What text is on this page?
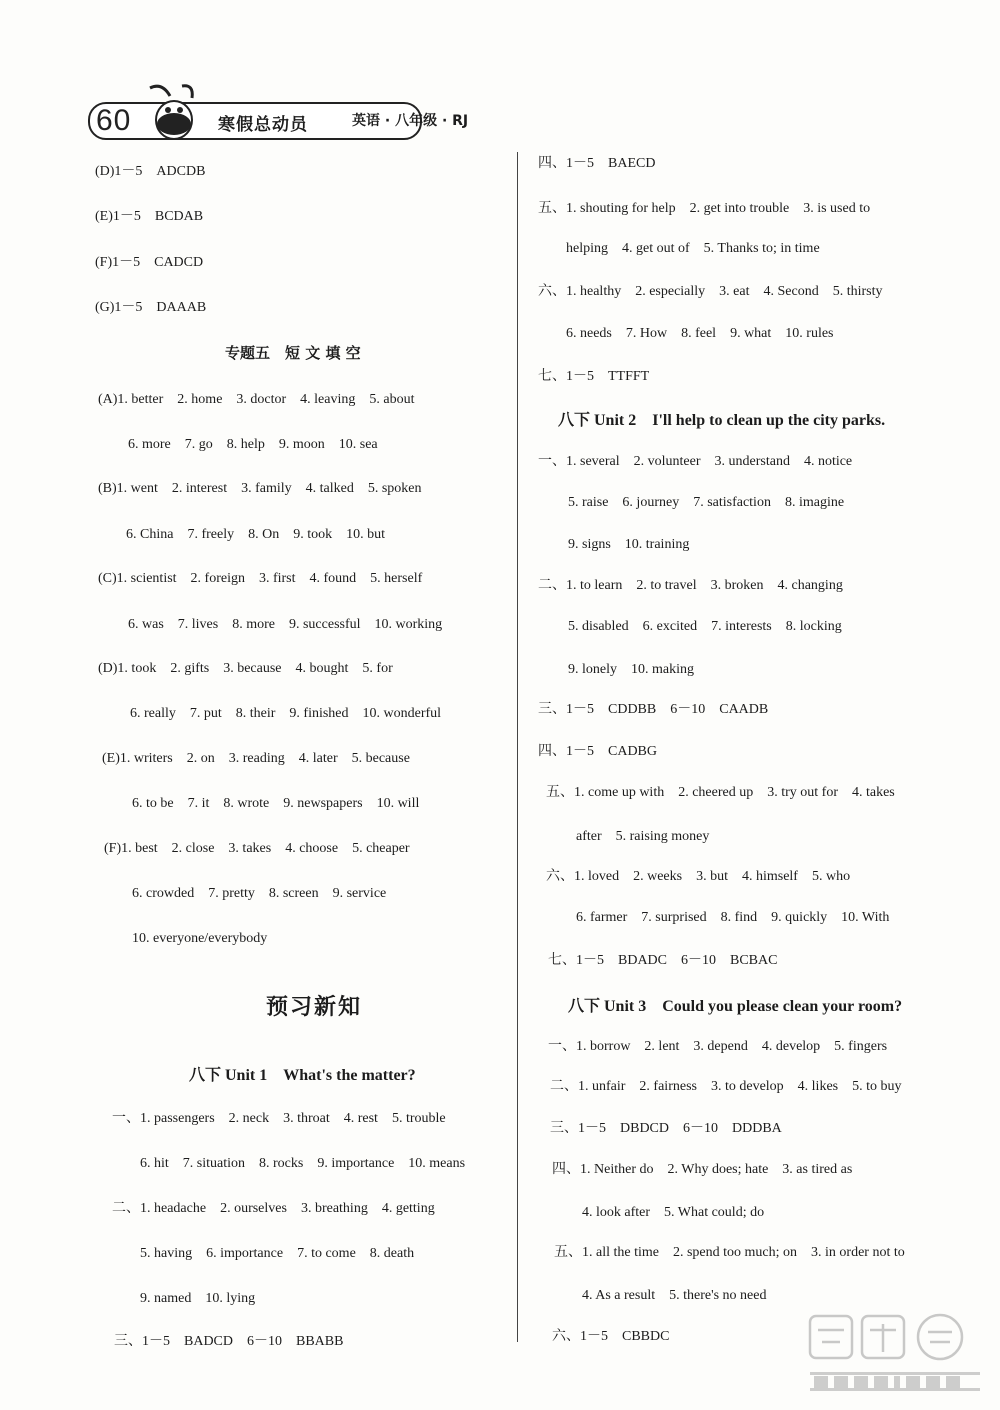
60	寒假总动员	英语 · 八年级 · RJ
(D)1－5　ADCDB
(E)1－5　BCDAB
(F)1－5　CADCD
(G)1－5　DAAAB
专题五　短 文 填 空
(A)1. better　2. home　3. doctor　4. leaving　5. about
6. more　7. go　8. help　9. moon　10. sea
(B)1. went　2. interest　3. family　4. talked　5. spoken
6. China　7. freely　8. On　9. took　10. but
(C)1. scientist　2. foreign　3. first　4. found　5. herself
6. was　7. lives　8. more　9. successful　10. working
(D)1. took　2. gifts　3. because　4. bought　5. for
6. really　7. put　8. their　9. finished　10. wonderful
(E)1. writers　2. on　3. reading　4. later　5. because
6. to be　7. it　8. wrote　9. newspapers　10. will
(F)1. best　2. close　3. takes　4. choose　5. cheaper
6. crowded　7. pretty　8. screen　9. service
10. everyone/everybody
预习新知
八下 Unit 1　What's the matter?
一、1. passengers　2. neck　3. throat　4. rest　5. trouble
6. hit　7. situation　8. rocks　9. importance　10. means
二、1. headache　2. ourselves　3. breathing　4. getting
5. having　6. importance　7. to come　8. death
9. named　10. lying
三、1－5　BADCD　6－10　BBABB
四、1－5　BAECD
五、1. shouting for help　2. get into trouble　3. is used to
helping　4. get out of　5. Thanks to; in time
六、1. healthy　2. especially　3. eat　4. Second　5. thirsty
6. needs　7. How　8. feel　9. what　10. rules
七、1－5　TTFFT
八下 Unit 2　I'll help to clean up the city parks.
一、1. several　2. volunteer　3. understand　4. notice
5. raise　6. journey　7. satisfaction　8. imagine
9. signs　10. training
二、1. to learn　2. to travel　3. broken　4. changing
5. disabled　6. excited　7. interests　8. locking
9. lonely　10. making
三、1－5　CDDBB　6－10　CAADB
四、1－5　CADBG
五、1. come up with　2. cheered up　3. try out for　4. takes
after　5. raising money
六、1. loved　2. weeks　3. but　4. himself　5. who
6. farmer　7. surprised　8. find　9. quickly　10. With
七、1－5　BDADC　6－10　BCBAC
八下 Unit 3　Could you please clean your room?
一、1. borrow　2. lent　3. depend　4. develop　5. fingers
二、1. unfair　2. fairness　3. to develop　4. likes　5. to buy
三、1－5　DBDCD　6－10　DDDBA
四、1. Neither do　2. Why does; hate　3. as tired as
4. look after　5. What could; do
五、1. all the time　2. spend too much; on　3. in order not to
4. As a result　5. there's no need
六、1－5　CBBDC
